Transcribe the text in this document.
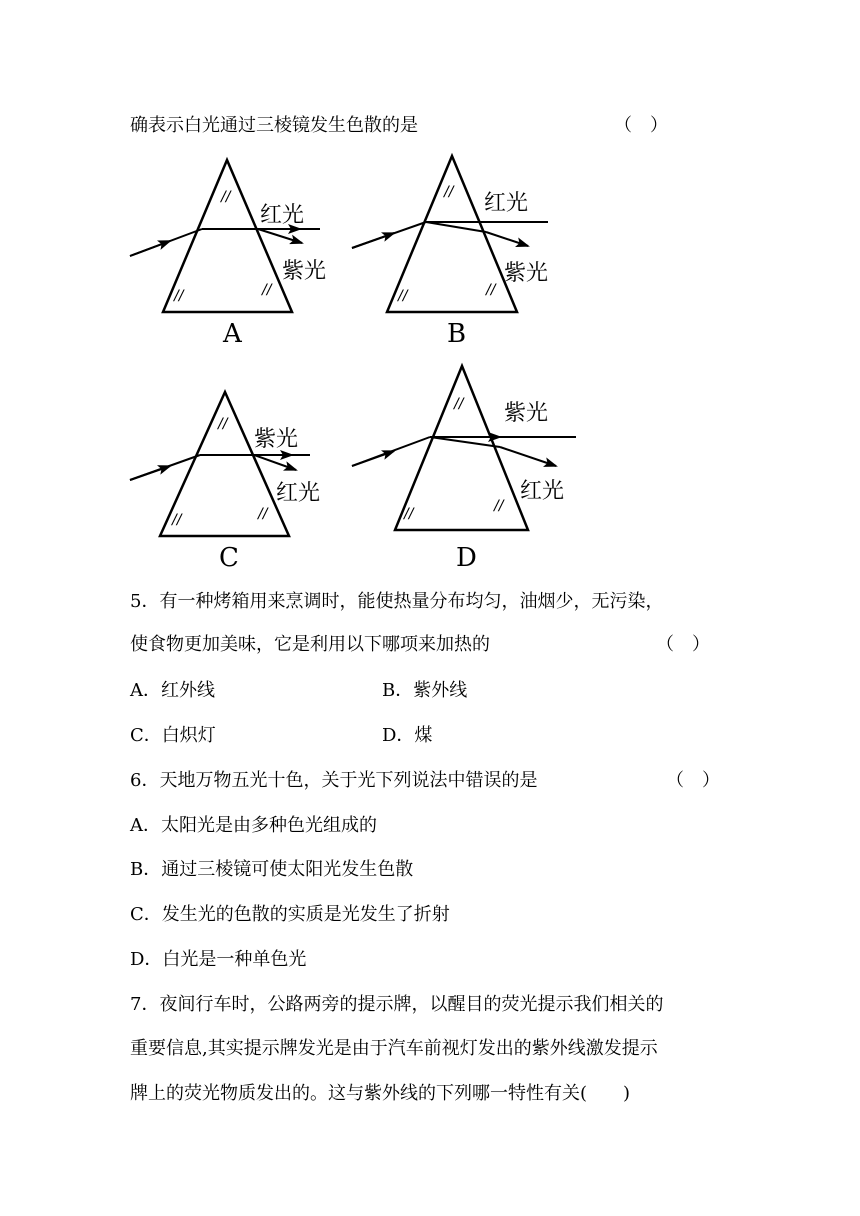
确表示白光通过三棱镜发生色散的是	（　）
//
//	//
红光
紫光
A
//
//	//
红光
紫光
B
//
//	//
紫光
红光
C
//
//	//
紫光
红光
D
5．有一种烤箱用来烹调时，能使热量分布均匀，油烟少，无污染，
使食物更加美味，它是利用以下哪项来加热的	（　）
A．红外线	B．紫外线
C．白炽灯	D．煤
6．天地万物五光十色，关于光下列说法中错误的是	（　）
A．太阳光是由多种色光组成的
B．通过三棱镜可使太阳光发生色散
C．发生光的色散的实质是光发生了折射
D．白光是一种单色光
7．夜间行车时，公路两旁的提示牌，以醒目的荧光提示我们相关的
重要信息,其实提示牌发光是由于汽车前视灯发出的紫外线激发提示
牌上的荧光物质发出的。这与紫外线的下列哪一特性有关(　　)
